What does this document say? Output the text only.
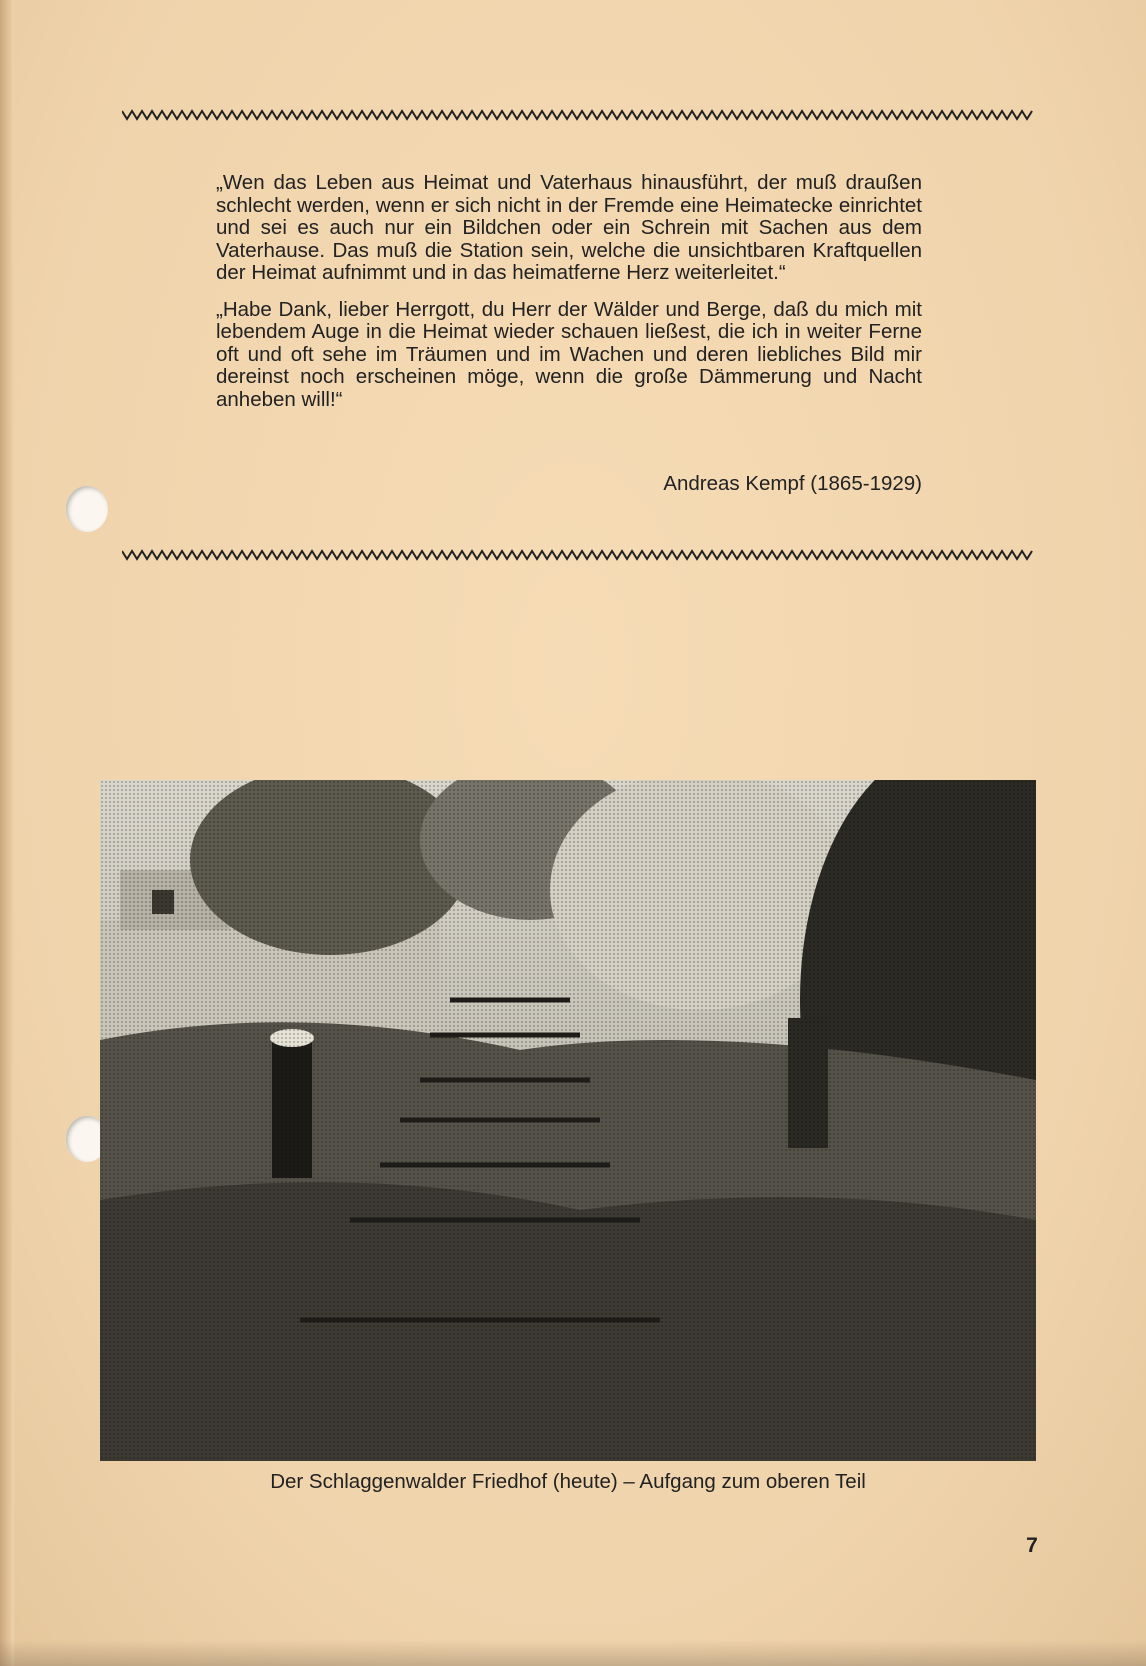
„Wen das Leben aus Heimat und Vaterhaus hinausführt, der muß draußen schlecht werden, wenn er sich nicht in der Fremde eine Heimatecke einrichtet und sei es auch nur ein Bildchen oder ein Schrein mit Sachen aus dem Vaterhause. Das muß die Station sein, welche die unsichtbaren Kraftquellen der Heimat aufnimmt und in das heimatferne Herz weiterleitet.“

„Habe Dank, lieber Herrgott, du Herr der Wälder und Berge, daß du mich mit lebendem Auge in die Heimat wieder schauen ließest, die ich in weiter Ferne oft und oft sehe im Träumen und im Wachen und deren liebliches Bild mir dereinst noch erscheinen möge, wenn die große Dämmerung und Nacht anheben will!“

Andreas Kempf (1865-1929)
Der Schlaggenwalder Friedhof (heute) – Aufgang zum oberen Teil
7
